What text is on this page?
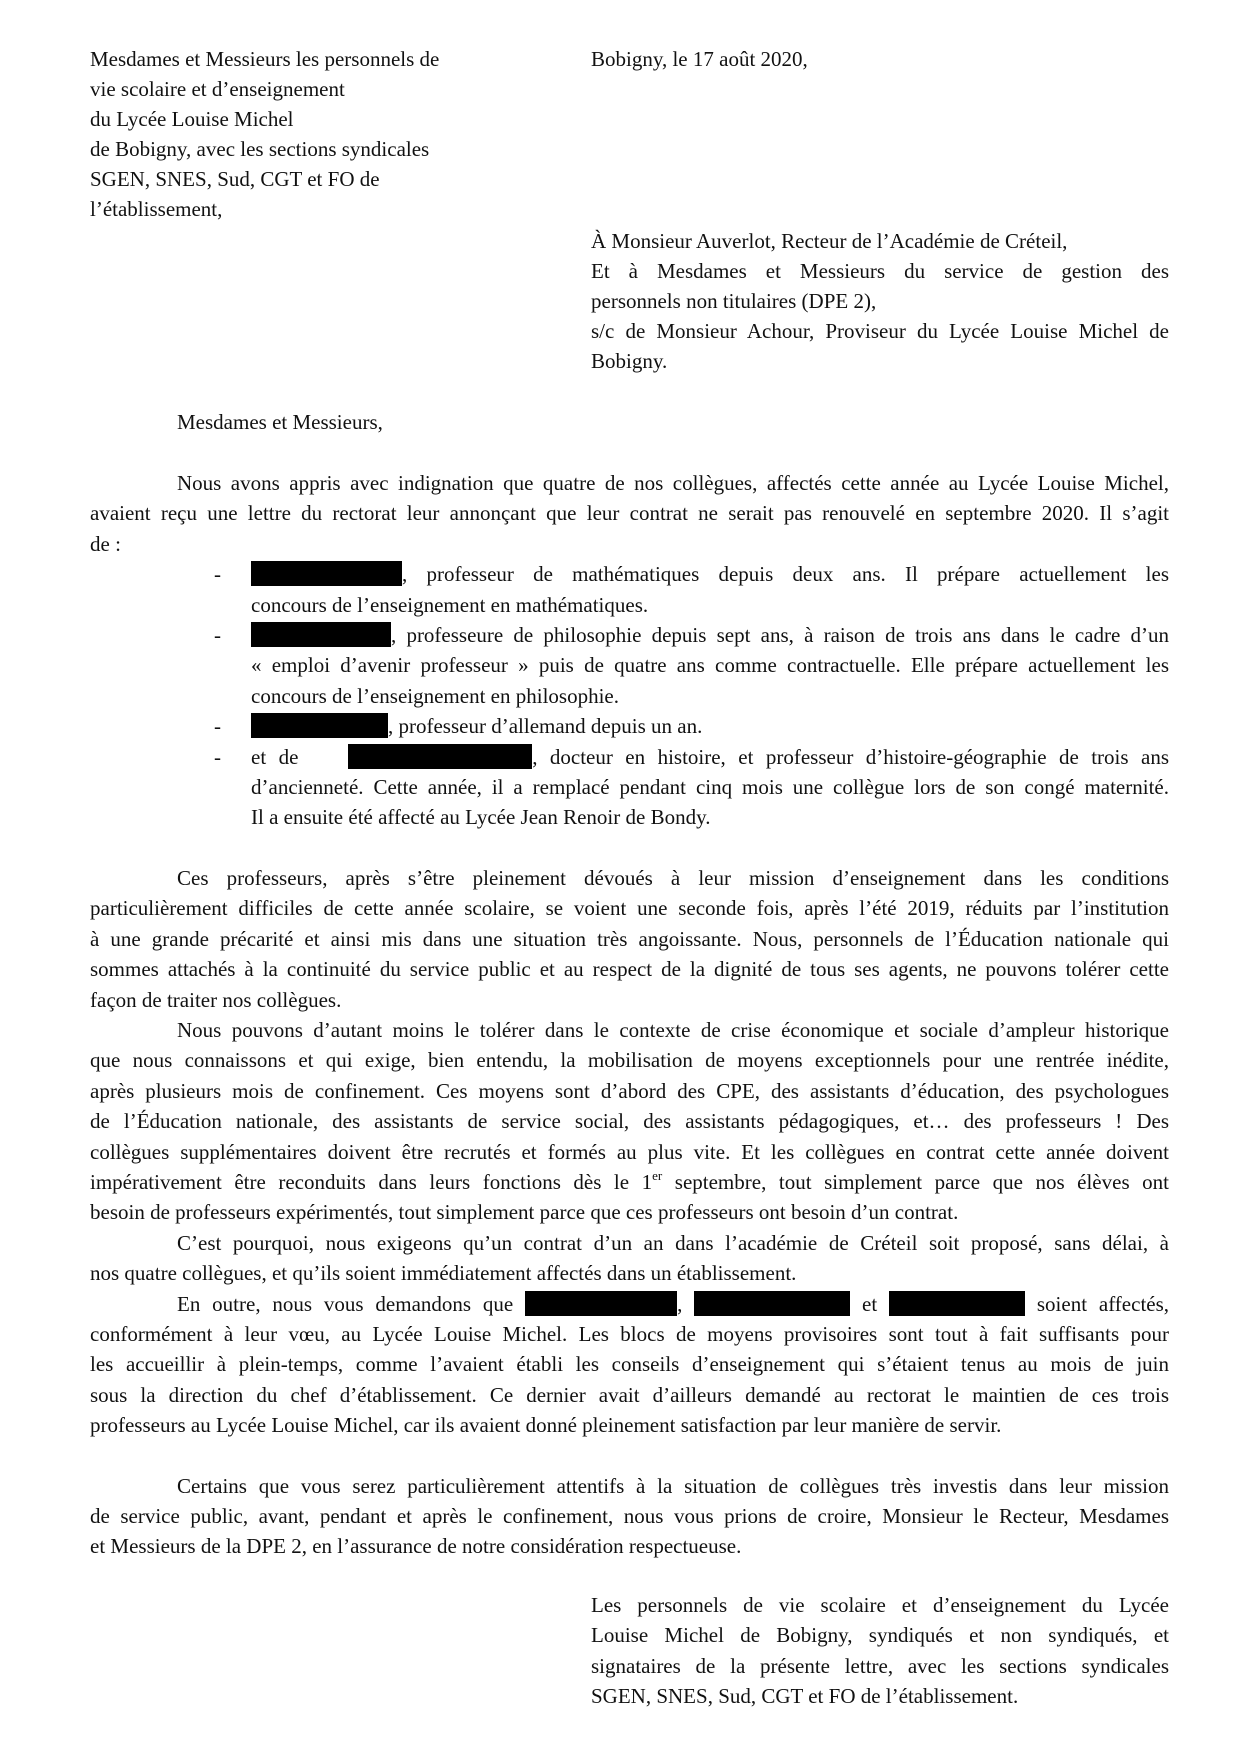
Mesdames et Messieurs les personnels de
vie scolaire et d’enseignement
du Lycée Louise Michel
de Bobigny, avec les sections syndicales
SGEN, SNES, Sud, CGT et FO de
l’établissement,
Bobigny, le 17 août 2020,
À Monsieur Auverlot, Recteur de l’Académie de Créteil,
Et à Mesdames et Messieurs du service de gestion des
personnels non titulaires (DPE 2),
s/c de Monsieur Achour, Proviseur du Lycée Louise Michel de
Bobigny.
Mesdames et Messieurs,
Nous avons appris avec indignation que quatre de nos collègues, affectés cette année au Lycée Louise Michel,
avaient reçu une lettre du rectorat leur annonçant que leur contrat ne serait pas renouvelé en septembre 2020. Il s’agit
de :
-	, professeur de mathématiques depuis deux ans. Il prépare actuellement les
concours de l’enseignement en mathématiques.
-	, professeure de philosophie depuis sept ans, à raison de trois ans dans le cadre d’un
« emploi d’avenir professeur » puis de quatre ans comme contractuelle. Elle prépare actuellement les
concours de l’enseignement en philosophie.
-	, professeur d’allemand depuis un an.
- et de	, docteur en histoire, et professeur d’histoire-géographie de trois ans
d’ancienneté. Cette année, il a remplacé pendant cinq mois une collègue lors de son congé maternité.
Il a ensuite été affecté au Lycée Jean Renoir de Bondy.
Ces professeurs, après s’être pleinement dévoués à leur mission d’enseignement dans les conditions
particulièrement difficiles de cette année scolaire, se voient une seconde fois, après l’été 2019, réduits par l’institution
à une grande précarité et ainsi mis dans une situation très angoissante. Nous, personnels de l’Éducation nationale qui
sommes attachés à la continuité du service public et au respect de la dignité de tous ses agents, ne pouvons tolérer cette
façon de traiter nos collègues.
Nous pouvons d’autant moins le tolérer dans le contexte de crise économique et sociale d’ampleur historique
que nous connaissons et qui exige, bien entendu, la mobilisation de moyens exceptionnels pour une rentrée inédite,
après plusieurs mois de confinement. Ces moyens sont d’abord des CPE, des assistants d’éducation, des psychologues
de l’Éducation nationale, des assistants de service social, des assistants pédagogiques, et… des professeurs ! Des
collègues supplémentaires doivent être recrutés et formés au plus vite. Et les collègues en contrat cette année doivent
impérativement être reconduits dans leurs fonctions dès le 1er septembre, tout simplement parce que nos élèves ont
besoin de professeurs expérimentés, tout simplement parce que ces professeurs ont besoin d’un contrat.
C’est pourquoi, nous exigeons qu’un contrat d’un an dans l’académie de Créteil soit proposé, sans délai, à
nos quatre collègues, et qu’ils soient immédiatement affectés dans un établissement.
En outre, nous vous demandons que	,	et	soient affectés,
conformément à leur vœu, au Lycée Louise Michel. Les blocs de moyens provisoires sont tout à fait suffisants pour
les accueillir à plein-temps, comme l’avaient établi les conseils d’enseignement qui s’étaient tenus au mois de juin
sous la direction du chef d’établissement. Ce dernier avait d’ailleurs demandé au rectorat le maintien de ces trois
professeurs au Lycée Louise Michel, car ils avaient donné pleinement satisfaction par leur manière de servir.
Certains que vous serez particulièrement attentifs à la situation de collègues très investis dans leur mission
de service public, avant, pendant et après le confinement, nous vous prions de croire, Monsieur le Recteur, Mesdames
et Messieurs de la DPE 2, en l’assurance de notre considération respectueuse.
Les personnels de vie scolaire et d’enseignement du Lycée
Louise Michel de Bobigny, syndiqués et non syndiqués, et
signataires de la présente lettre, avec les sections syndicales
SGEN, SNES, Sud, CGT et FO de l’établissement.
